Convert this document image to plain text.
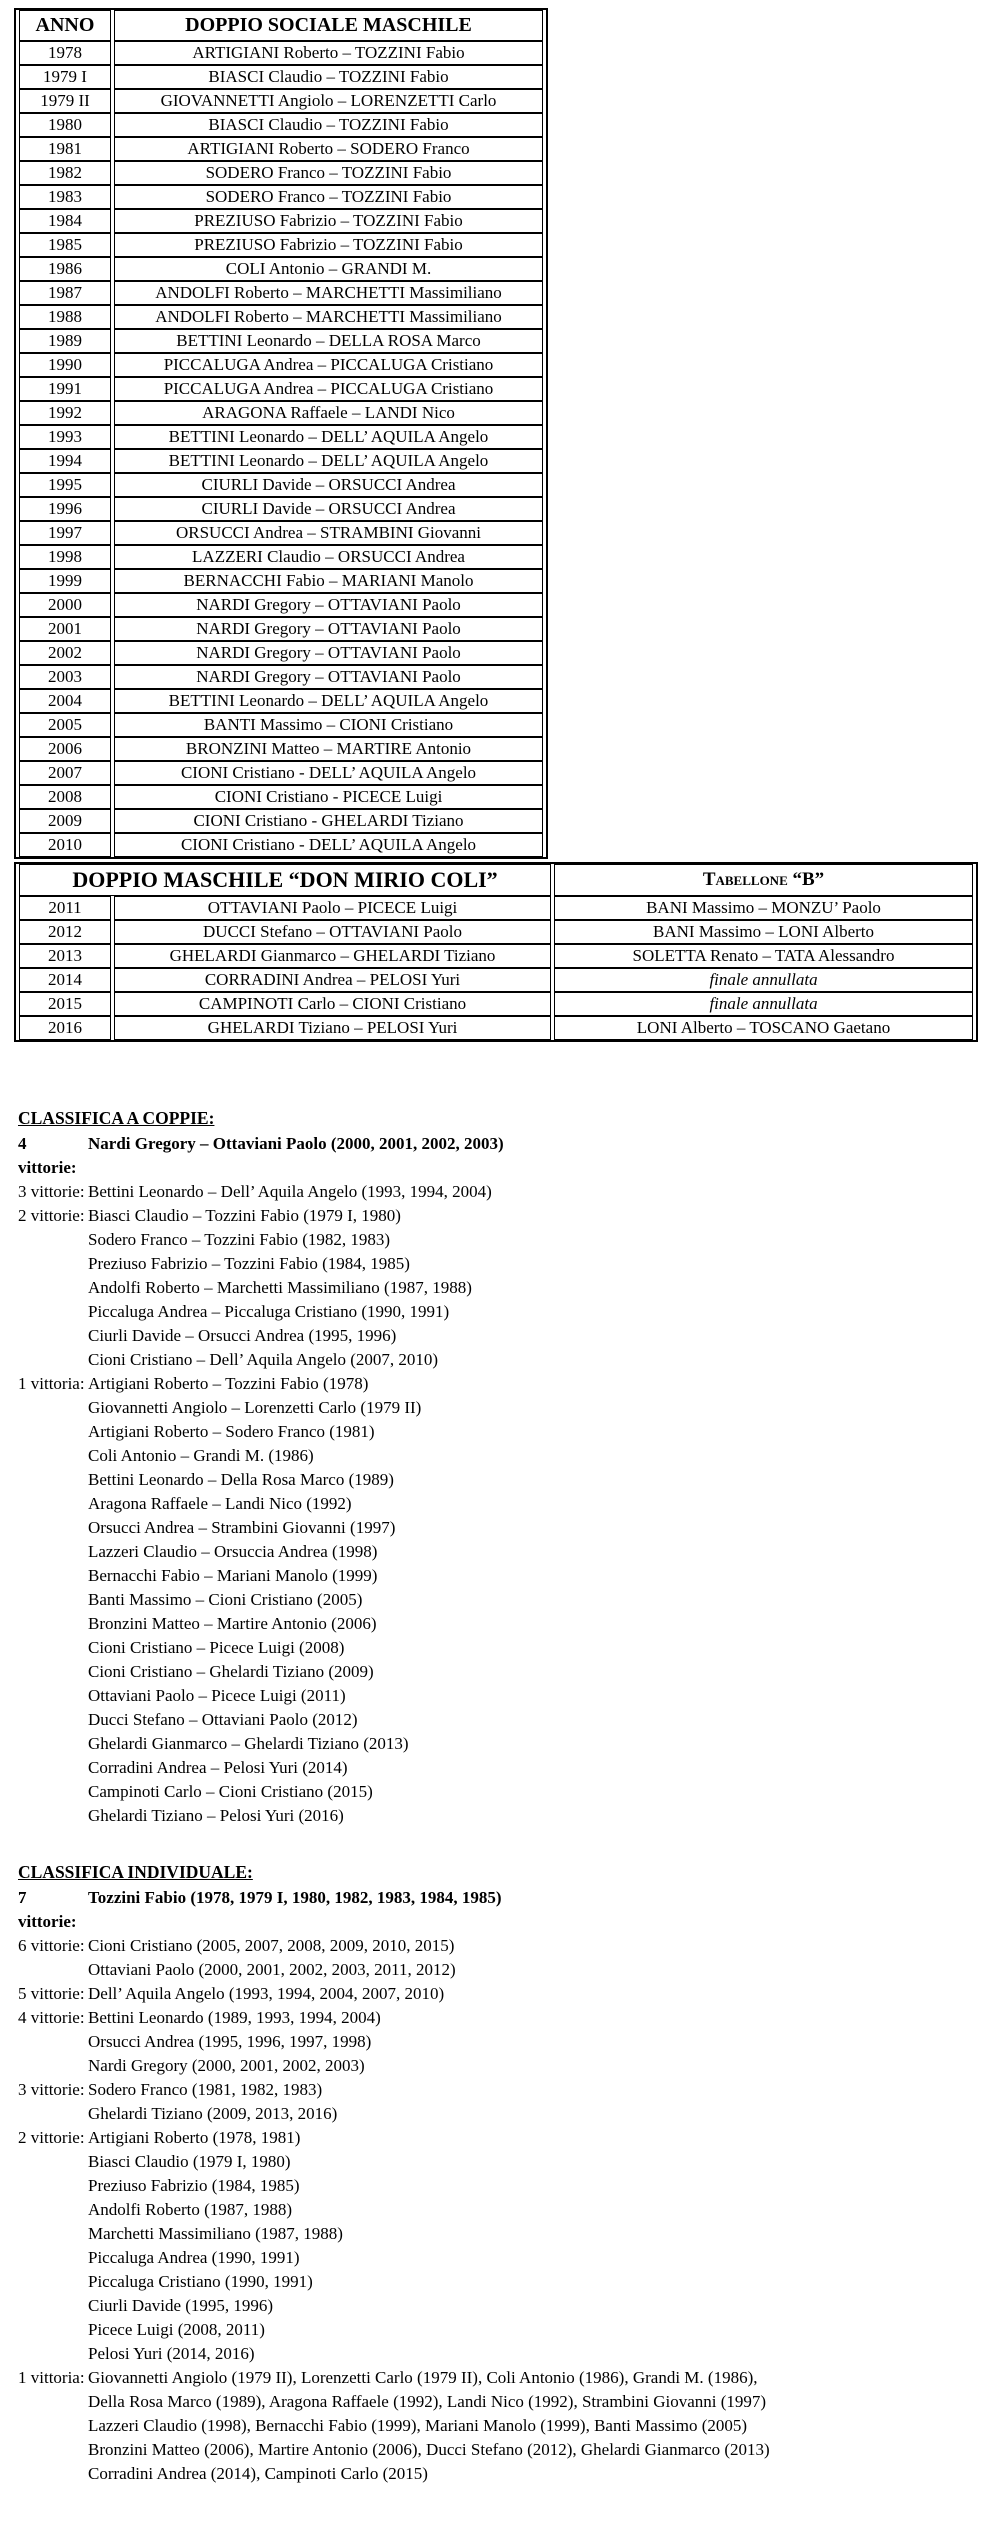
ANNO	DOPPIO SOCIALE MASCHILE
1978	ARTIGIANI Roberto – TOZZINI Fabio
1979 I	BIASCI Claudio – TOZZINI Fabio
1979 II	GIOVANNETTI Angiolo – LORENZETTI Carlo
1980	BIASCI Claudio – TOZZINI Fabio
1981	ARTIGIANI Roberto – SODERO Franco
1982	SODERO Franco – TOZZINI Fabio
1983	SODERO Franco – TOZZINI Fabio
1984	PREZIUSO Fabrizio – TOZZINI Fabio
1985	PREZIUSO Fabrizio – TOZZINI Fabio
1986	COLI Antonio – GRANDI M.
1987	ANDOLFI Roberto – MARCHETTI Massimiliano
1988	ANDOLFI Roberto – MARCHETTI Massimiliano
1989	BETTINI Leonardo – DELLA ROSA Marco
1990	PICCALUGA Andrea – PICCALUGA Cristiano
1991	PICCALUGA Andrea – PICCALUGA Cristiano
1992	ARAGONA Raffaele – LANDI Nico
1993	BETTINI Leonardo – DELL’ AQUILA Angelo
1994	BETTINI Leonardo – DELL’ AQUILA Angelo
1995	CIURLI Davide – ORSUCCI Andrea
1996	CIURLI Davide – ORSUCCI Andrea
1997	ORSUCCI Andrea – STRAMBINI Giovanni
1998	LAZZERI Claudio – ORSUCCI Andrea
1999	BERNACCHI Fabio – MARIANI Manolo
2000	NARDI Gregory – OTTAVIANI Paolo
2001	NARDI Gregory – OTTAVIANI Paolo
2002	NARDI Gregory – OTTAVIANI Paolo
2003	NARDI Gregory – OTTAVIANI Paolo
2004	BETTINI Leonardo – DELL’ AQUILA Angelo
2005	BANTI Massimo – CIONI Cristiano
2006	BRONZINI Matteo – MARTIRE Antonio
2007	CIONI Cristiano - DELL’ AQUILA Angelo
2008	CIONI Cristiano - PICECE Luigi
2009	CIONI Cristiano - GHELARDI Tiziano
2010	CIONI Cristiano - DELL’ AQUILA Angelo
DOPPIO MASCHILE “DON MIRIO COLI”		Tabellone “B”
2011	OTTAVIANI Paolo – PICECE Luigi	BANI Massimo – MONZU’ Paolo
2012	DUCCI Stefano – OTTAVIANI Paolo	BANI Massimo – LONI Alberto
2013	GHELARDI Gianmarco – GHELARDI Tiziano	SOLETTA Renato – TATA Alessandro
2014	CORRADINI Andrea – PELOSI Yuri	finale annullata
2015	CAMPINOTI Carlo – CIONI Cristiano	finale annullata
2016	GHELARDI Tiziano – PELOSI Yuri	LONI Alberto – TOSCANO Gaetano
CLASSIFICA A COPPIE:
4 vittorie:
Nardi Gregory – Ottaviani Paolo (2000, 2001, 2002, 2003)
3 vittorie: Bettini Leonardo – Dell’ Aquila Angelo (1993, 1994, 2004)
2 vittorie: Biasci Claudio – Tozzini Fabio (1979 I, 1980)
Sodero Franco – Tozzini Fabio (1982, 1983)
Preziuso Fabrizio – Tozzini Fabio (1984, 1985)
Andolfi Roberto – Marchetti Massimiliano (1987, 1988)
Piccaluga Andrea – Piccaluga Cristiano (1990, 1991)
Ciurli Davide – Orsucci Andrea (1995, 1996)
Cioni Cristiano – Dell’ Aquila Angelo (2007, 2010)
1 vittoria: Artigiani Roberto – Tozzini Fabio (1978)
Giovannetti Angiolo – Lorenzetti Carlo (1979 II)
Artigiani Roberto – Sodero Franco (1981)
Coli Antonio – Grandi M. (1986)
Bettini Leonardo – Della Rosa Marco (1989)
Aragona Raffaele – Landi Nico (1992)
Orsucci Andrea – Strambini Giovanni (1997)
Lazzeri Claudio – Orsuccia Andrea (1998)
Bernacchi Fabio – Mariani Manolo (1999)
Banti Massimo – Cioni Cristiano (2005)
Bronzini Matteo – Martire Antonio (2006)
Cioni Cristiano – Picece Luigi (2008)
Cioni Cristiano – Ghelardi Tiziano (2009)
Ottaviani Paolo – Picece Luigi (2011)
Ducci Stefano – Ottaviani Paolo (2012)
Ghelardi Gianmarco – Ghelardi Tiziano (2013)
Corradini Andrea – Pelosi Yuri (2014)
Campinoti Carlo – Cioni Cristiano (2015)
Ghelardi Tiziano – Pelosi Yuri (2016)
CLASSIFICA INDIVIDUALE:
7 vittorie:
Tozzini Fabio (1978, 1979 I, 1980, 1982, 1983, 1984, 1985)
6 vittorie: Cioni Cristiano (2005, 2007, 2008, 2009, 2010, 2015)
Ottaviani Paolo (2000, 2001, 2002, 2003, 2011, 2012)
5 vittorie: Dell’ Aquila Angelo (1993, 1994, 2004, 2007, 2010)
4 vittorie: Bettini Leonardo (1989, 1993, 1994, 2004)
Orsucci Andrea (1995, 1996, 1997, 1998)
Nardi Gregory (2000, 2001, 2002, 2003)
3 vittorie: Sodero Franco (1981, 1982, 1983)
Ghelardi Tiziano (2009, 2013, 2016)
2 vittorie: Artigiani Roberto (1978, 1981)
Biasci Claudio (1979 I, 1980)
Preziuso Fabrizio (1984, 1985)
Andolfi Roberto (1987, 1988)
Marchetti Massimiliano (1987, 1988)
Piccaluga Andrea (1990, 1991)
Piccaluga Cristiano (1990, 1991)
Ciurli Davide (1995, 1996)
Picece Luigi (2008, 2011)
Pelosi Yuri (2014, 2016)
1 vittoria: Giovannetti Angiolo (1979 II), Lorenzetti Carlo (1979 II), Coli Antonio (1986), Grandi M. (1986),
Della Rosa Marco (1989), Aragona Raffaele (1992), Landi Nico (1992), Strambini Giovanni (1997)
Lazzeri Claudio (1998), Bernacchi Fabio (1999), Mariani Manolo (1999), Banti Massimo (2005)
Bronzini Matteo (2006), Martire Antonio (2006), Ducci Stefano (2012), Ghelardi Gianmarco (2013)
Corradini Andrea (2014), Campinoti Carlo (2015)
